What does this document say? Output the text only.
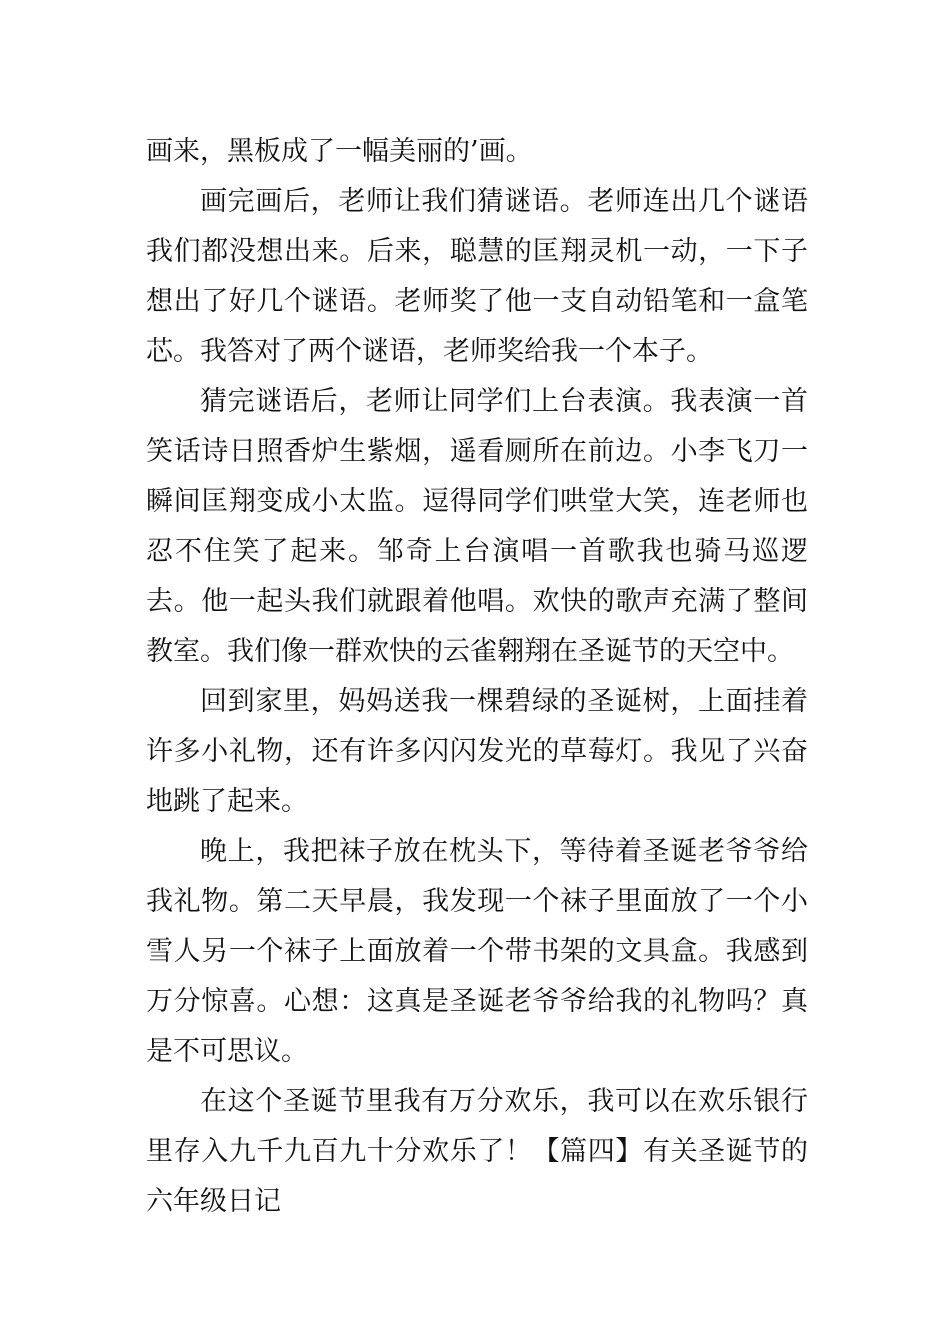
画来，黑板成了一幅美丽的’画。

画完画后，老师让我们猜谜语。老师连出几个谜语我们都没想出来。后来，聪慧的匡翔灵机一动，一下子想出了好几个谜语。老师奖了他一支自动铅笔和一盒笔芯。我答对了两个谜语，老师奖给我一个本子。

猜完谜语后，老师让同学们上台表演。我表演一首笑话诗日照香炉生紫烟，遥看厕所在前边。小李飞刀一瞬间匡翔变成小太监。逗得同学们哄堂大笑，连老师也忍不住笑了起来。邹奇上台演唱一首歌我也骑马巡逻去。他一起头我们就跟着他唱。欢快的歌声充满了整间教室。我们像一群欢快的云雀翱翔在圣诞节的天空中。

回到家里，妈妈送我一棵碧绿的圣诞树，上面挂着许多小礼物，还有许多闪闪发光的草莓灯。我见了兴奋地跳了起来。

晚上，我把袜子放在枕头下，等待着圣诞老爷爷给我礼物。第二天早晨，我发现一个袜子里面放了一个小雪人另一个袜子上面放着一个带书架的文具盒。我感到万分惊喜。心想：这真是圣诞老爷爷给我的礼物吗？真是不可思议。

在这个圣诞节里我有万分欢乐，我可以在欢乐银行里存入九千九百九十分欢乐了！【篇四】有关圣诞节的六年级日记
